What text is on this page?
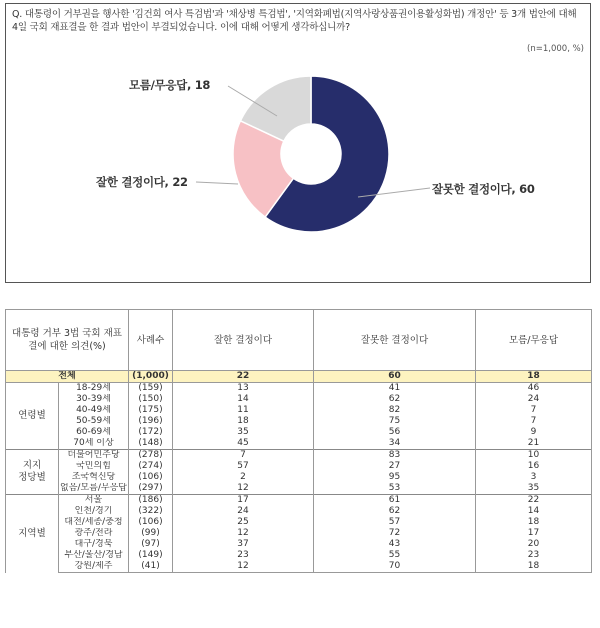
Q. 대통령이 거부권을 행사한 '김건희 여사 특검법'과 '채상병 특검법', '지역화폐법(지역사랑상품권이용활성화법) 개정안' 등 3개 법안에 대해 4일 국회 재표결을 한 결과 법안이 부결되었습니다. 이에 대해 어떻게 생각하십니까?
(n=1,000, %)
잘못한 결정이다, 60
잘한 결정이다, 22
모름/무응답, 18
대통령 거부 3법 국회 재표결에 대한 의견(%)		사례수	잘한 결정이다	잘못한 결정이다	모름/무응답
전체		(1,000)	22	60	18
연령별	18-29세	(159)	13	41	46
	30-39세	(150)	14	62	24
	40-49세	(175)	11	82	7
	50-59세	(196)	18	75	7
	60-69세	(172)	35	56	9
	70세 이상	(148)	45	34	21
지지
정당별	더불어민주당	(278)	7	83	10
	국민의힘	(274)	57	27	16
	조국혁신당	(106)	2	95	3
	없음/모름/무응답	(297)	12	53	35
지역별	서울	(186)	17	61	22
	인천/경기	(322)	24	62	14
	대전/세종/충청	(106)	25	57	18
	광주/전라	(99)	12	72	17
	대구/경북	(97)	37	43	20
	부산/울산/경남	(149)	23	55	23
	강원/제주	(41)	12	70	18
